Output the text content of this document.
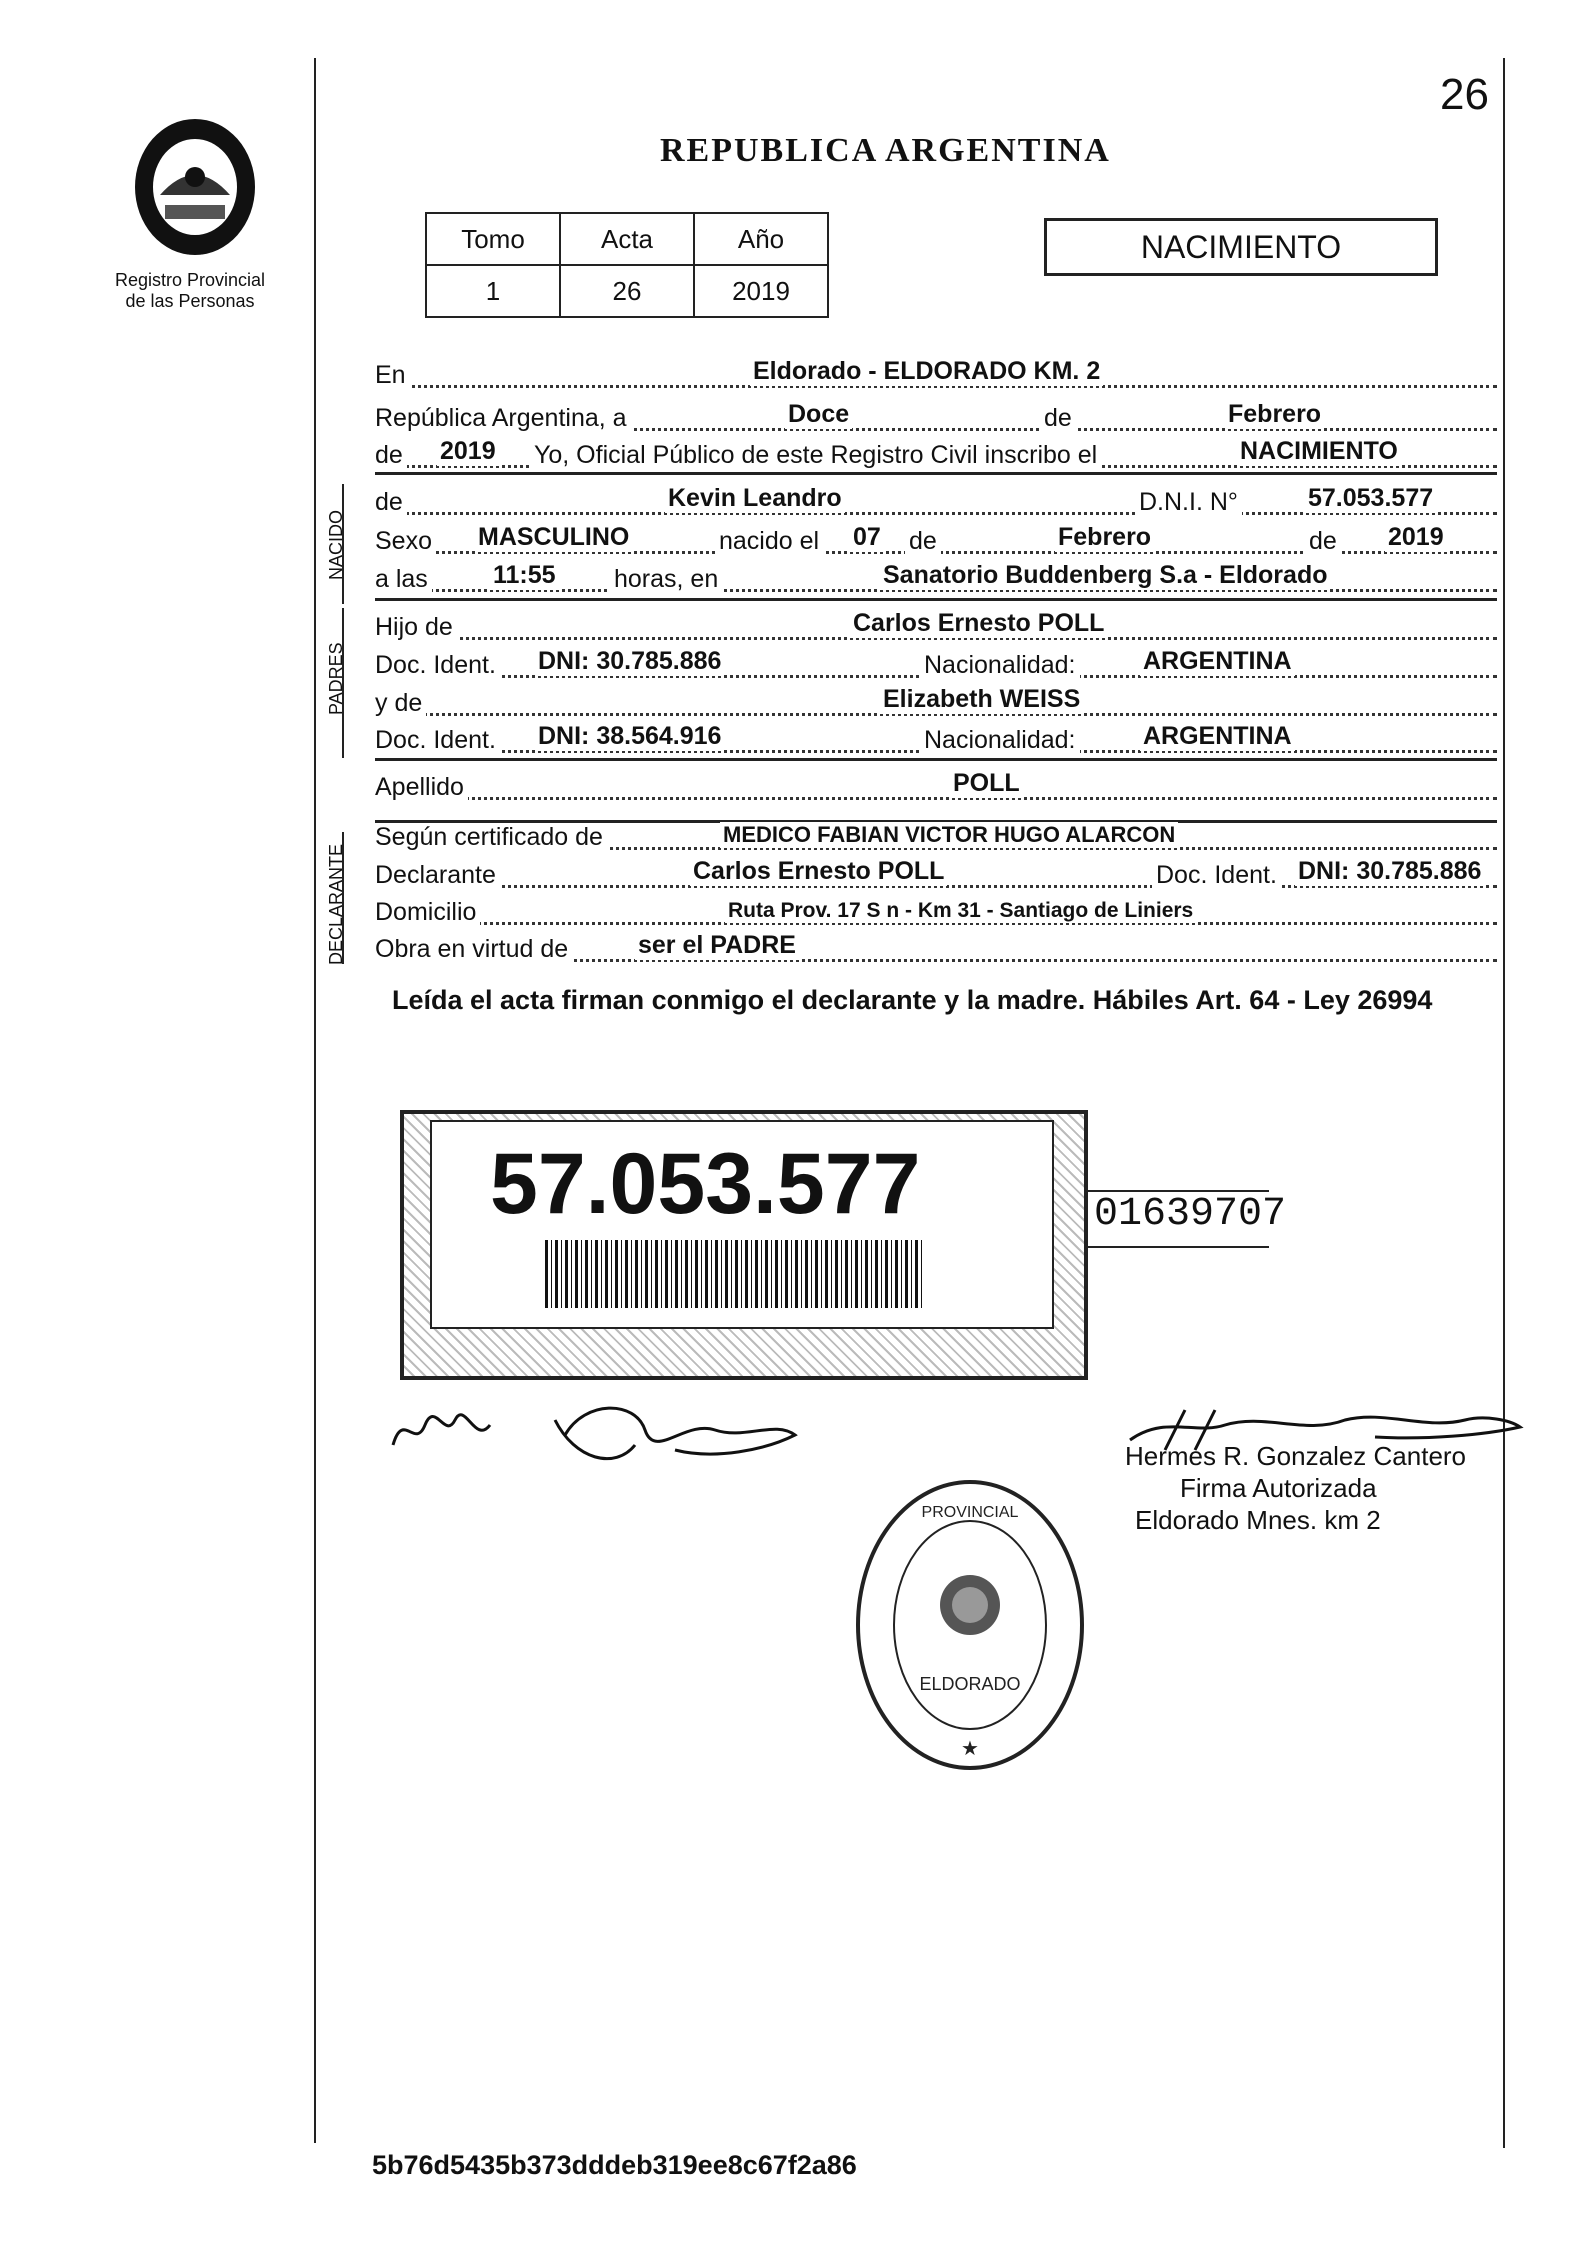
26
Registro Provincial
de las Personas
REPUBLICA ARGENTINA
Tomo	Acta	Año
1	26	2019
NACIMIENTO
En	Eldorado - ELDORADO KM. 2
República Argentina, a	Doce	de	Febrero
de 2019 Yo, Oficial Público de este Registro Civil inscribo el	NACIMIENTO
NACIDO
de	Kevin Leandro	D.N.I. N°	57.053.577
Sexo MASCULINO	nacido el 07 de	Febrero	de 2019
a las	11:55 horas, en	Sanatorio Buddenberg S.a - Eldorado
PADRES
Hijo de	Carlos Ernesto POLL
Doc. Ident. DNI: 30.785.886	Nacionalidad:	ARGENTINA
y de	Elizabeth WEISS
Doc. Ident. DNI: 38.564.916	Nacionalidad:	ARGENTINA
Apellido	POLL
DECLARANTE
Según certificado de	MEDICO FABIAN VICTOR HUGO ALARCON
Declarante	Carlos Ernesto POLL	Doc. Ident. DNI: 30.785.886
Domicilio	Ruta Prov. 17 S n - Km 31 - Santiago de Liniers
Obra en virtud de	ser el PADRE
Leída el acta firman conmigo el declarante y la madre. Hábiles Art. 64 - Ley 26994
57.053.577	01639707
Hermes R. Gonzalez Cantero
Firma Autorizada
Eldorado Mnes. km 2
PROVINCIAL
ELDORADO
★
5b76d5435b373dddeb319ee8c67f2a86
